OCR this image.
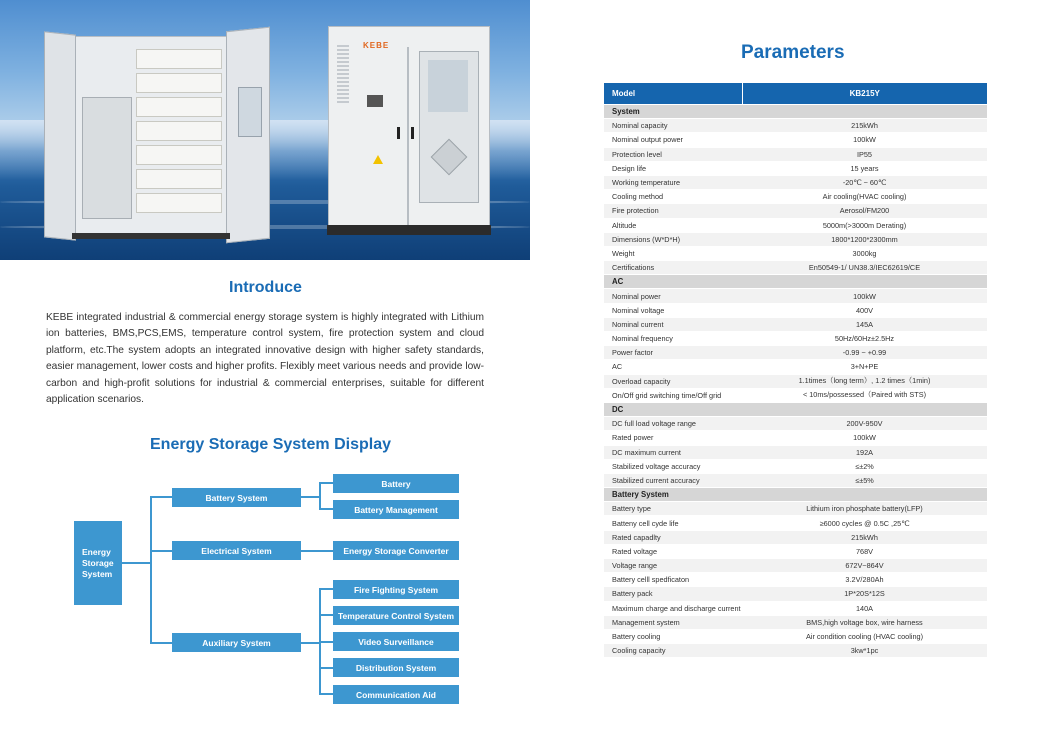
KEBE
Introduce
KEBE integrated industrial & commercial energy storage system is highly integrated with Lithium ion batteries, BMS,PCS,EMS, temperature control system, fire protection system and cloud platform, etc.The system adopts an integrated innovative design with higher safety standards, easier management, lower costs and higher profits. Flexibly meet various needs and provide low-carbon and high-profit solutions for industrial & commercial enterprises, suitable for different application scenarios.
Energy Storage System Display
Energy
Storage
System
Battery System
Electrical System
Auxiliary System
Battery
Battery Management
Energy Storage Converter
Fire Fighting System
Temperature Control System
Video Surveillance
Distribution System
Communication Aid
Parameters
Model	KB215Y
System	
Nominal capacity	215kWh
Nominal output power	100kW
Protection level	IP55
Design life	15 years
Working temperature	-20℃ ~ 60℃
Cooling method	Air cooling(HVAC cooling)
Fire protection	Aerosol/FM200
Altitude	5000m(>3000m Derating)
Dimensions (W*D*H)	1800*1200*2300mm
Weight	3000kg
Certifications	En50549-1/ UN38.3/IEC62619/CE
AC	
Nominal power	100kW
Nominal voltage	400V
Nominal current	145A
Nominal frequency	50Hz/60Hz±2.5Hz
Power factor	-0.99 ~ +0.99
AC	3+N+PE
Overload capacity	1.1times（long term）, 1.2 times（1min)
On/Off grid switching time/Off grid	< 10ms/possessed（Paired with STS)
DC	
DC full load voltage range	200V-950V
Rated power	100kW
DC maximum current	192A
Stabilized voltage accuracy	≤±2%
Stabilized current accuracy	≤±5%
Battery System	
Battery type	Lithium iron phosphate battery(LFP)
Batteny cell cyde life	≥6000 cycles @ 0.5C ,25℃
Rated capadlty	215kWh
Rated voltage	768V
Voltage range	672V~864V
Battery celll spedficaton	3.2V/280Ah
Battery pack	1P*20S*12S
Maximum charge and discharge current	140A
Management system	BMS,high voltage box, wire harness
Battery cooling	Air condition cooling (HVAC cooling)
Cooling capacity	3kw*1pc
